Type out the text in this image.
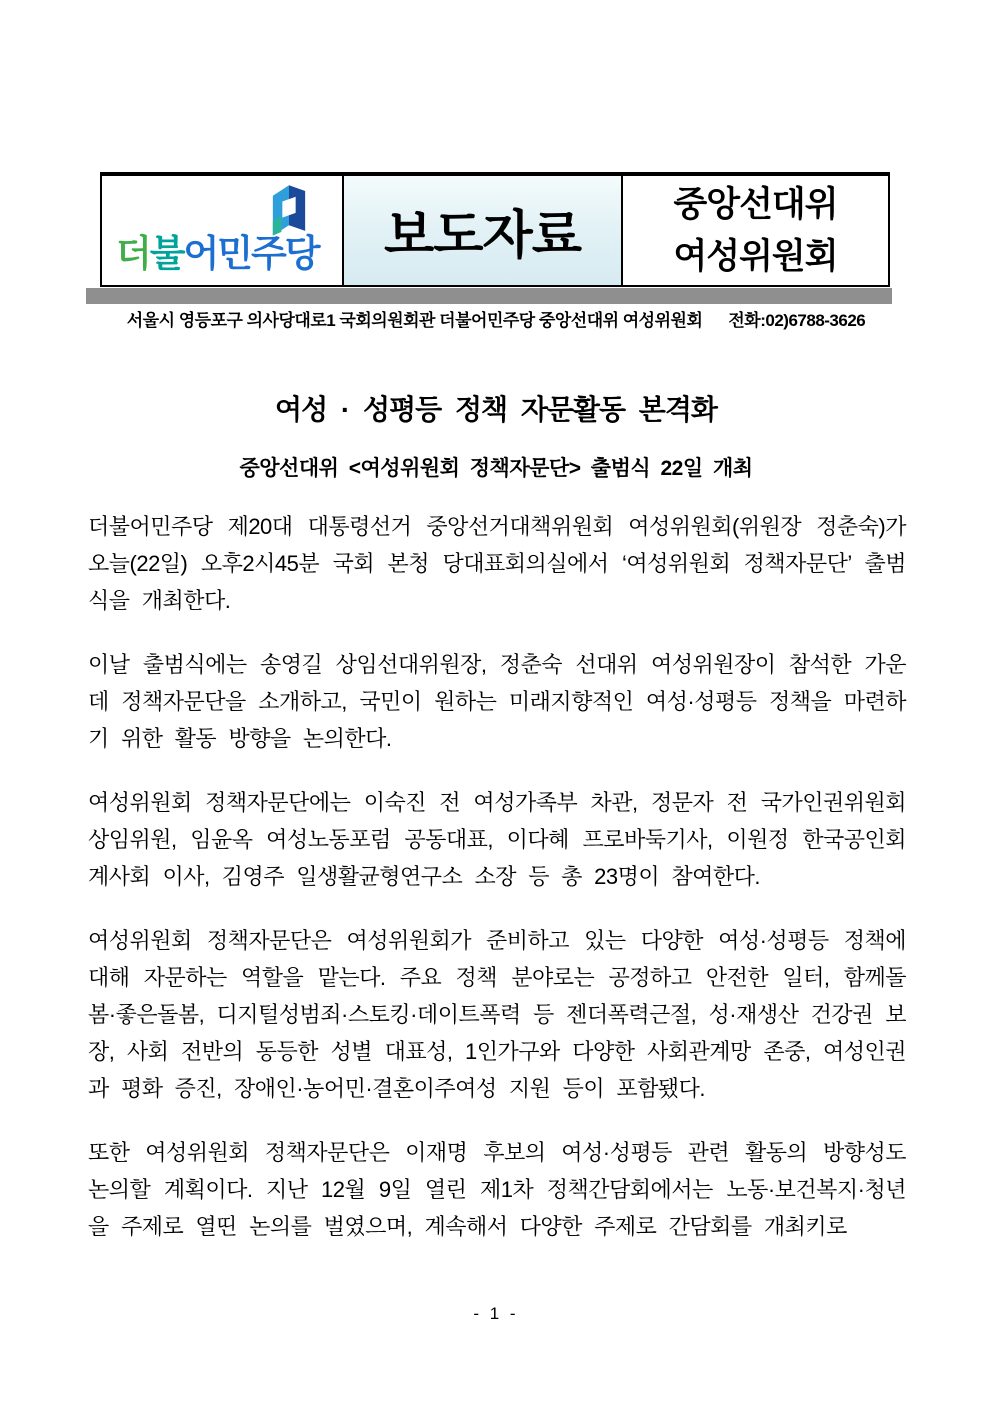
더불어민주당 보도자료
중앙선대위
여성위원회
서울시 영등포구 의사당대로1 국회의원회관 더불어민주당 중앙선대위 여성위원회 전화:02)6788-3626
여성 · 성평등 정책 자문활동 본격화
중앙선대위 <여성위원회 정책자문단> 출범식 22일 개최

더불어민주당 제20대 대통령선거 중앙선거대책위원회 여성위원회(위원장 정춘숙)가 오늘(22일) 오후2시45분 국회 본청 당대표회의실에서 ‘여성위원회 정책자문단’ 출범식을 개최한다.

이날 출범식에는 송영길 상임선대위원장, 정춘숙 선대위 여성위원장이 참석한 가운데 정책자문단을 소개하고, 국민이 원하는 미래지향적인 여성·성평등 정책을 마련하기 위한 활동 방향을 논의한다.

여성위원회 정책자문단에는 이숙진 전 여성가족부 차관, 정문자 전 국가인권위원회 상임위원, 임윤옥 여성노동포럼 공동대표, 이다혜 프로바둑기사, 이원정 한국공인회계사회 이사, 김영주 일생활균형연구소 소장 등 총 23명이 참여한다.

여성위원회 정책자문단은 여성위원회가 준비하고 있는 다양한 여성·성평등 정책에 대해 자문하는 역할을 맡는다. 주요 정책 분야로는 공정하고 안전한 일터, 함께돌봄·좋은돌봄, 디지털성범죄·스토킹·데이트폭력 등 젠더폭력근절, 성·재생산 건강권 보장, 사회 전반의 동등한 성별 대표성, 1인가구와 다양한 사회관계망 존중, 여성인권과 평화 증진, 장애인·농어민·결혼이주여성 지원 등이 포함됐다.

또한 여성위원회 정책자문단은 이재명 후보의 여성·성평등 관련 활동의 방향성도 논의할 계획이다. 지난 12월 9일 열린 제1차 정책간담회에서는 노동·보건복지·청년을 주제로 열띤 논의를 벌였으며, 계속해서 다양한 주제로 간담회를 개최키로

- 1 -
